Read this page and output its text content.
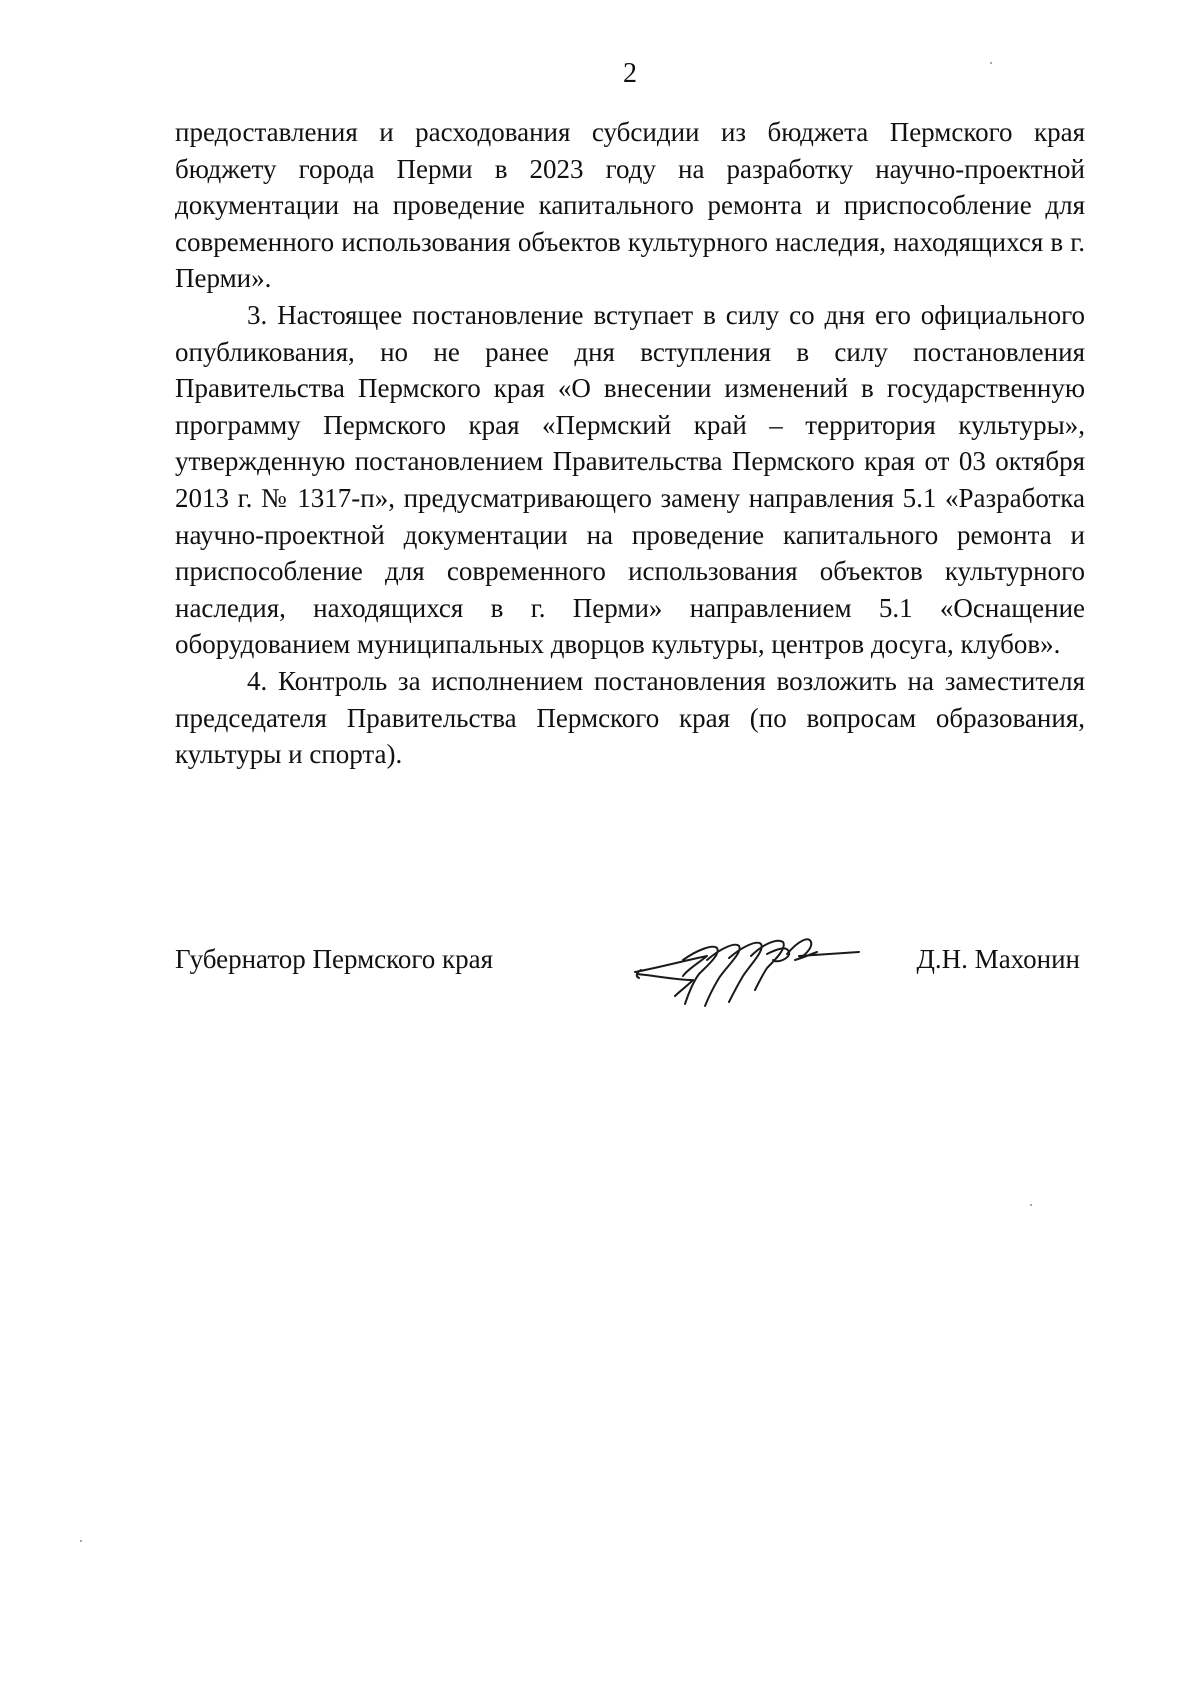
2

предоставления и расходования субсидии из бюджета Пермского края бюджету города Перми в 2023 году на разработку научно-проектной документации на проведение капитального ремонта и приспособление для современного использования объектов культурного наследия, находящихся в г. Перми».

3. Настоящее постановление вступает в силу со дня его официального опубликования, но не ранее дня вступления в силу постановления Правительства Пермского края «О внесении изменений в государственную программу Пермского края «Пермский край – территория культуры», утвержденную постановлением Правительства Пермского края от 03 октября 2013 г. № 1317-п», предусматривающего замену направления 5.1 «Разработка научно-проектной документации на проведение капитального ремонта и приспособление для современного использования объектов культурного наследия, находящихся в г. Перми» направлением 5.1 «Оснащение оборудованием муниципальных дворцов культуры, центров досуга, клубов».

4. Контроль за исполнением постановления возложить на заместителя председателя Правительства Пермского края (по вопросам образования, культуры и спорта).

Губернатор Пермского края	Д.Н. Махонин
